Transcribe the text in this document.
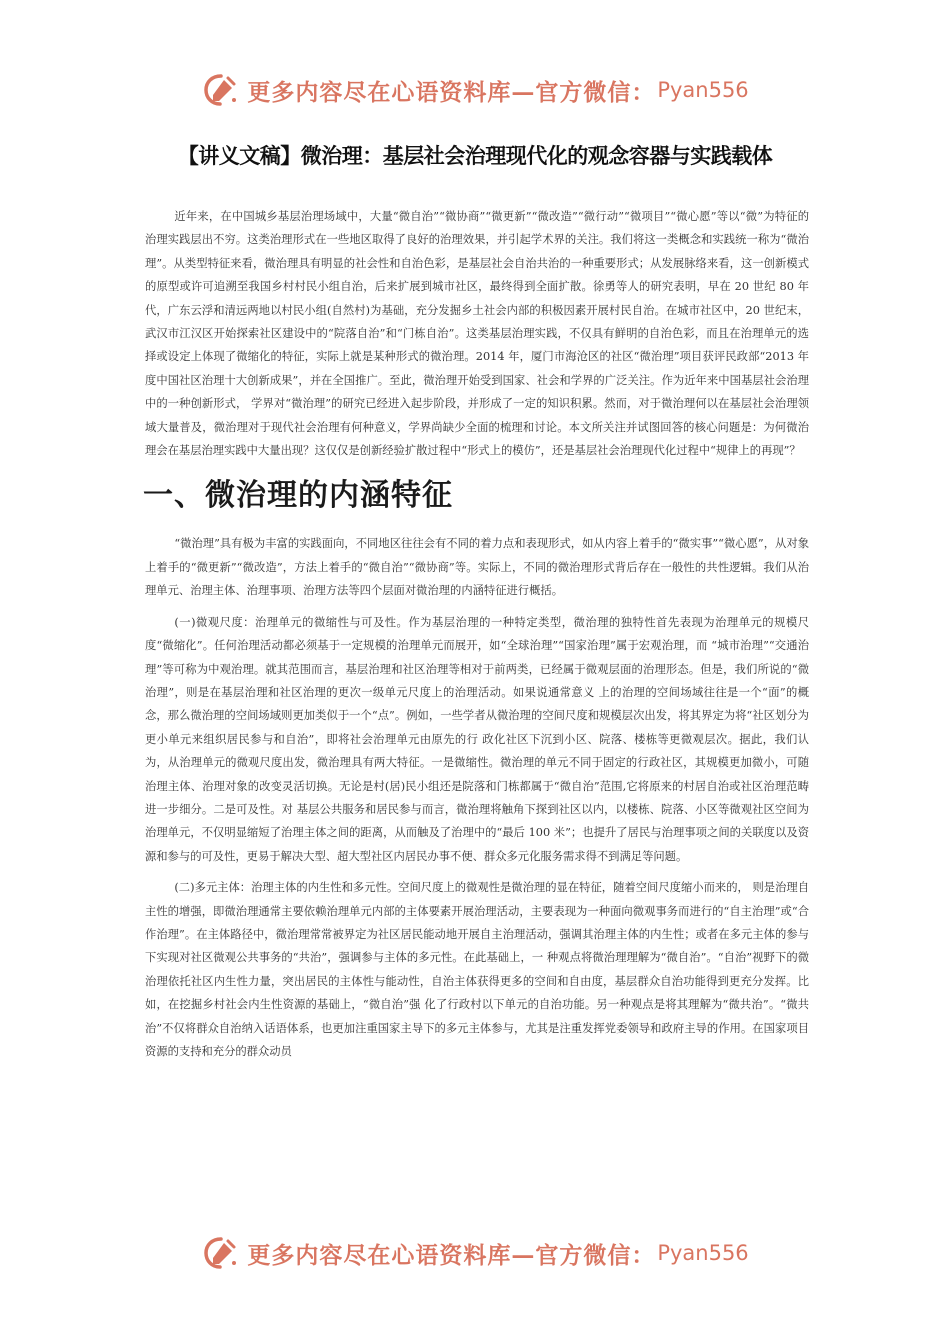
更多内容尽在心语资料库—官方微信： Pyan556
【讲义文稿】微治理：基层社会治理现代化的观念容器与实践载体

近年来，在中国城乡基层治理场域中，大量“微自治”“微协商”“微更新”“微改造”“微行动”“微项目”“微心愿”等以“微”为特征的治理实践层出不穷。这类治理形式在一些地区取得了良好的治理效果，并引起学术界的关注。我们将这一类概念和实践统一称为“微治理”。从类型特征来看，微治理具有明显的社会性和自治色彩，是基层社会自治共治的一种重要形式；从发展脉络来看，这一创新模式的原型或许可追溯至我国乡村村民小组自治，后来扩展到城市社区，最终得到全面扩散。徐勇等人的研究表明，早在 20 世纪 80 年代，广东云浮和清远两地以村民小组(自然村)为基础，充分发掘乡土社会内部的积极因素开展村民自治。在城市社区中，20 世纪末，武汉市江汉区开始探索社区建设中的“院落自治”和“门栋自治”。这类基层治理实践，不仅具有鲜明的自治色彩，而且在治理单元的选择或设定上体现了微缩化的特征，实际上就是某种形式的微治理。2014 年，厦门市海沧区的社区“微治理”项目获评民政部“2013 年度中国社区治理十大创新成果”，并在全国推广。至此，微治理开始受到国家、社会和学界的广泛关注。作为近年来中国基层社会治理中的一种创新形式， 学界对“微治理”的研究已经进入起步阶段，并形成了一定的知识积累。然而，对于微治理何以在基层社会治理领域大量普及，微治理对于现代社会治理有何种意义，学界尚缺少全面的梳理和讨论。本文所关注并试图回答的核心问题是：为何微治理会在基层治理实践中大量出现？这仅仅是创新经验扩散过程中“形式上的模仿”，还是基层社会治理现代化过程中“规律上的再现”？

一、微治理的内涵特征

“微治理”具有极为丰富的实践面向，不同地区往往会有不同的着力点和表现形式，如从内容上着手的“微实事”“微心愿”，从对象上着手的“微更新”“微改造”，方法上着手的“微自治”“微协商”等。实际上，不同的微治理形式背后存在一般性的共性逻辑。我们从治理单元、治理主体、治理事项、治理方法等四个层面对微治理的内涵特征进行概括。

(一)微观尺度：治理单元的微缩性与可及性。作为基层治理的一种特定类型，微治理的独特性首先表现为治理单元的规模尺度“微缩化”。任何治理活动都必须基于一定规模的治理单元而展开，如“全球治理”“国家治理”属于宏观治理，而 “城市治理”“交通治理”等可称为中观治理。就其范围而言，基层治理和社区治理等相对于前两类，已经属于微观层面的治理形态。但是，我们所说的“微治理”，则是在基层治理和社区治理的更次一级单元尺度上的治理活动。如果说通常意义 上的治理的空间场域往往是一个“面”的概念，那么微治理的空间场域则更加类似于一个“点”。例如，一些学者从微治理的空间尺度和规模层次出发，将其界定为将“社区划分为更小单元来组织居民参与和自治”，即将社会治理单元由原先的行 政化社区下沉到小区、院落、楼栋等更微观层次。据此，我们认为，从治理单元的微观尺度出发，微治理具有两大特征。一是微缩性。微治理的单元不同于固定的行政社区，其规模更加微小，可随治理主体、治理对象的改变灵活切换。无论是村(居)民小组还是院落和门栋都属于“微自治”范围,它将原来的村居自治或社区治理范畴进一步细分。二是可及性。对 基层公共服务和居民参与而言，微治理将触角下探到社区以内，以楼栋、院落、小区等微观社区空间为治理单元，不仅明显缩短了治理主体之间的距离，从而触及了治理中的“最后 100 米”；也提升了居民与治理事项之间的关联度以及资源和参与的可及性，更易于解决大型、超大型社区内居民办事不便、群众多元化服务需求得不到满足等问题。

(二)多元主体：治理主体的内生性和多元性。空间尺度上的微观性是微治理的显在特征，随着空间尺度缩小而来的， 则是治理自主性的增强，即微治理通常主要依赖治理单元内部的主体要素开展治理活动，主要表现为一种面向微观事务而进行的“自主治理”或“合作治理”。在主体路径中，微治理常常被界定为社区居民能动地开展自主治理活动，强调其治理主体的内生性；或者在多元主体的参与下实现对社区微观公共事务的“共治”，强调参与主体的多元性。在此基础上，一 种观点将微治理理解为“微自治”。“自治”视野下的微治理依托社区内生性力量，突出居民的主体性与能动性，自治主体获得更多的空间和自由度，基层群众自治功能得到更充分发挥。比如，在挖掘乡村社会内生性资源的基础上，“微自治”强 化了行政村以下单元的自治功能。另一种观点是将其理解为“微共治”。“微共治”不仅将群众自治纳入话语体系，也更加注重国家主导下的多元主体参与，尤其是注重发挥党委领导和政府主导的作用。在国家项目资源的支持和充分的群众动员

更多内容尽在心语资料库—官方微信： Pyan556
